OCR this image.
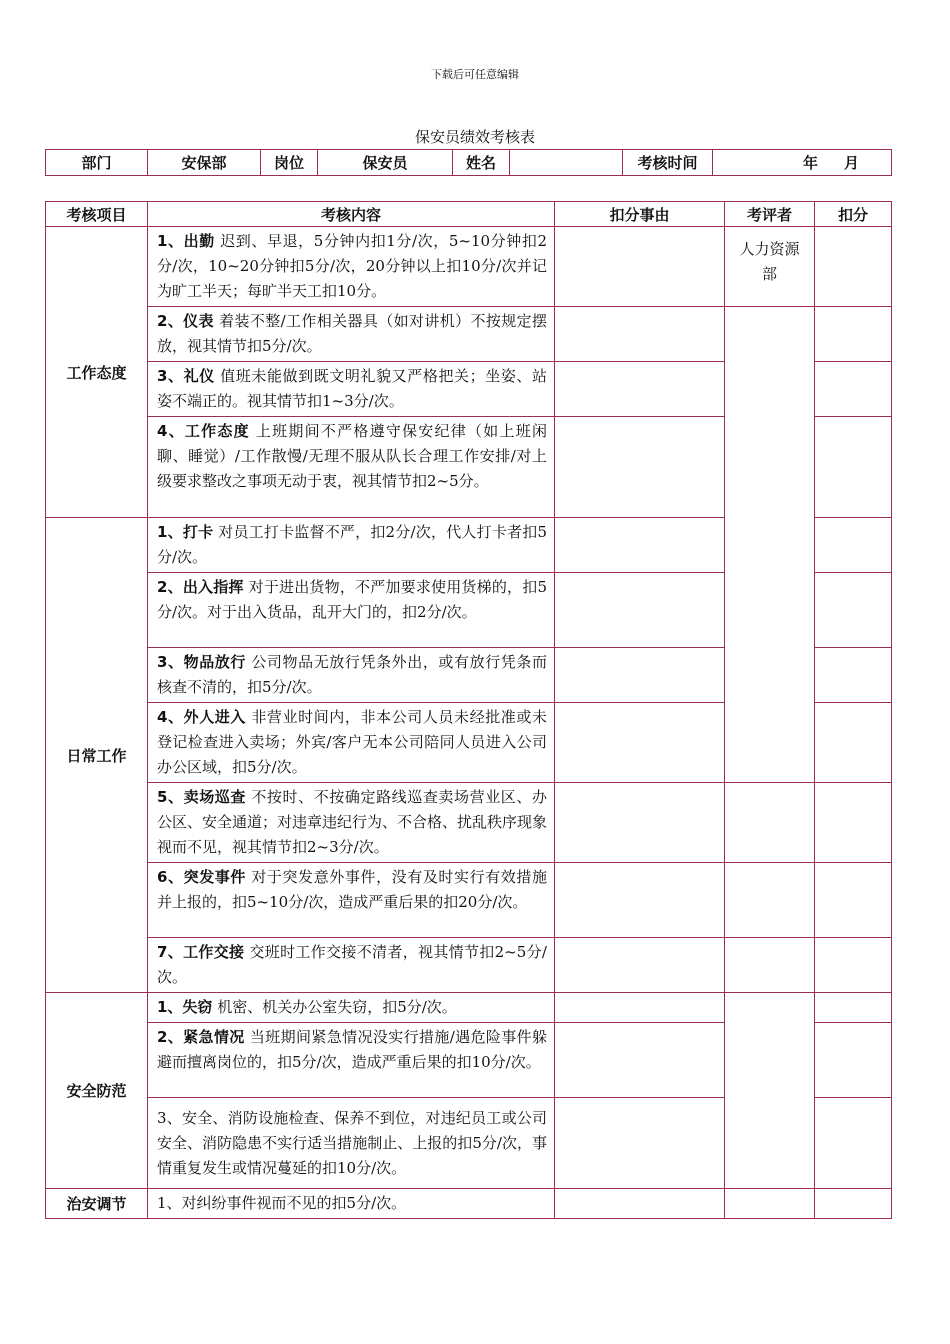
下载后可任意编辑
保安员绩效考核表
部门	安保部	岗位	保安员	姓名		考核时间	年 月
考核项目	考核内容	扣分事由	考评者	扣分	
工作态度	1、出勤 迟到、早退，5分钟内扣1分/次，5~10分钟扣2分/次，10~20分钟扣5分/次，20分钟以上扣10分/次并记为旷工半天；每旷半天工扣10分。		人力资源部		
	2、仪表 着装不整/工作相关器具（如对讲机）不按规定摆放，视其情节扣5分/次。				
	3、礼仪 值班未能做到既文明礼貌又严格把关；坐姿、站姿不端正的。视其情节扣1~3分/次。				
	4、工作态度 上班期间不严格遵守保安纪律（如上班闲聊、睡觉）/工作散慢/无理不服从队长合理工作安排/对上级要求整改之事项无动于衷，视其情节扣2~5分。				
日常工作	1、打卡 对员工打卡监督不严，扣2分/次，代人打卡者扣5分/次。				
	2、出入指挥 对于进出货物，不严加要求使用货梯的，扣5分/次。对于出入货品，乱开大门的，扣2分/次。				
	3、物品放行 公司物品无放行凭条外出，或有放行凭条而核查不清的，扣5分/次。				
	4、外人进入 非营业时间内，非本公司人员未经批准或未登记检查进入卖场；外宾/客户无本公司陪同人员进入公司办公区域，扣5分/次。				
	5、卖场巡查 不按时、不按确定路线巡查卖场营业区、办公区、安全通道；对违章违纪行为、不合格、扰乱秩序现象视而不见，视其情节扣2~3分/次。				
	6、突发事件 对于突发意外事件，没有及时实行有效措施并上报的，扣5~10分/次，造成严重后果的扣20分/次。				
	7、工作交接 交班时工作交接不清者，视其情节扣2~5分/次。				
安全防范	1、失窃 机密、机关办公室失窃，扣5分/次。				
	2、紧急情况 当班期间紧急情况没实行措施/遇危险事件躲避而擅离岗位的，扣5分/次，造成严重后果的扣10分/次。				
	3、安全、消防设施检查、保养不到位，对违纪员工或公司安全、消防隐患不实行适当措施制止、上报的扣5分/次，事情重复发生或情况蔓延的扣10分/次。				
治安调节	1、对纠纷事件视而不见的扣5分/次。				
